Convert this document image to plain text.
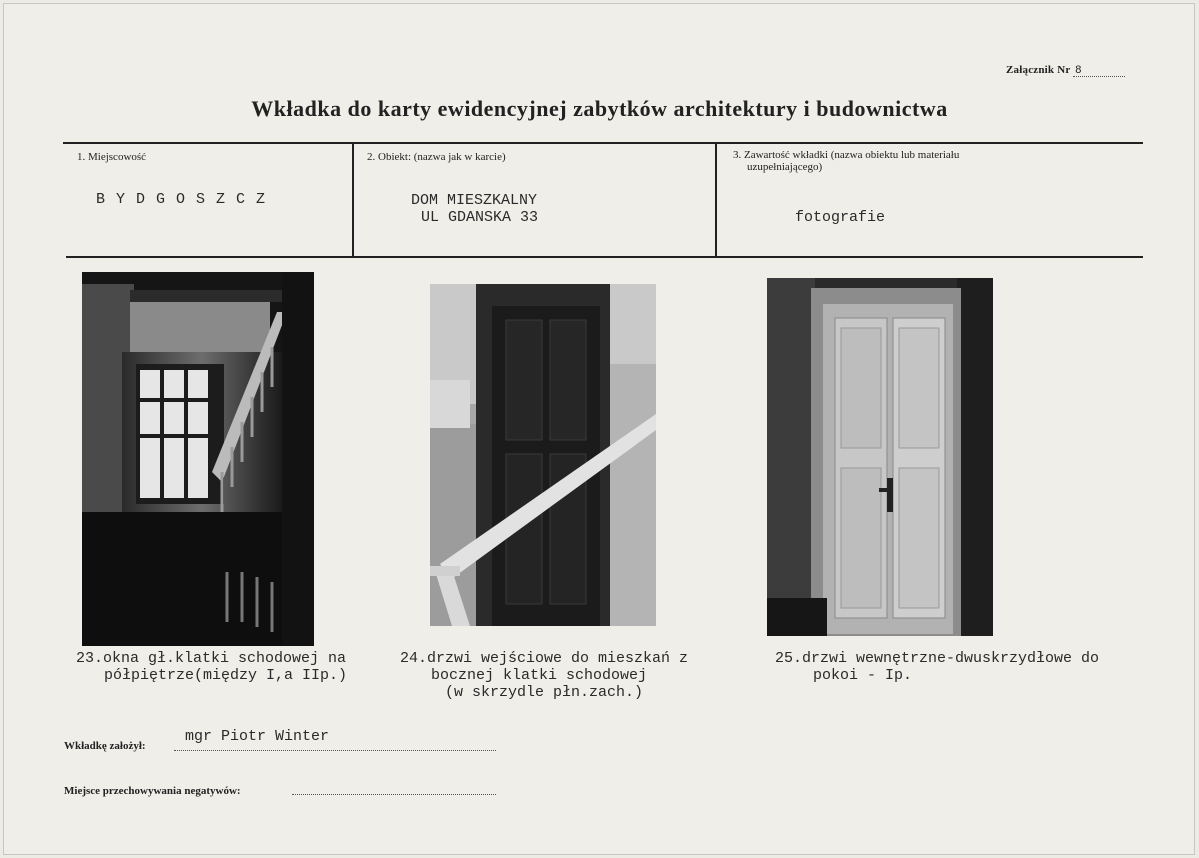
Załącznik Nr 8
Wkładka do karty ewidencyjnej zabytków architektury i budownictwa
1. Miejscowość
B Y D G O S Z C Z
2. Obiekt: (nazwa jak w karcie)
DOM MIESZKALNY
UL GDANSKA 33
3. Zawartość wkładki (nazwa obiektu lub materiału
uzupełniającego)
fotografie
23.okna gł.klatki schodowej na
półpiętrze(między I,a IIp.)
24.drzwi wejściowe do mieszkań z
bocznej klatki schodowej
(w skrzydle płn.zach.)
25.drzwi wewnętrzne-dwuskrzydłowe do
pokoi - Ip.
Wkładkę założył:
mgr Piotr Winter
Miejsce przechowywania negatywów:
